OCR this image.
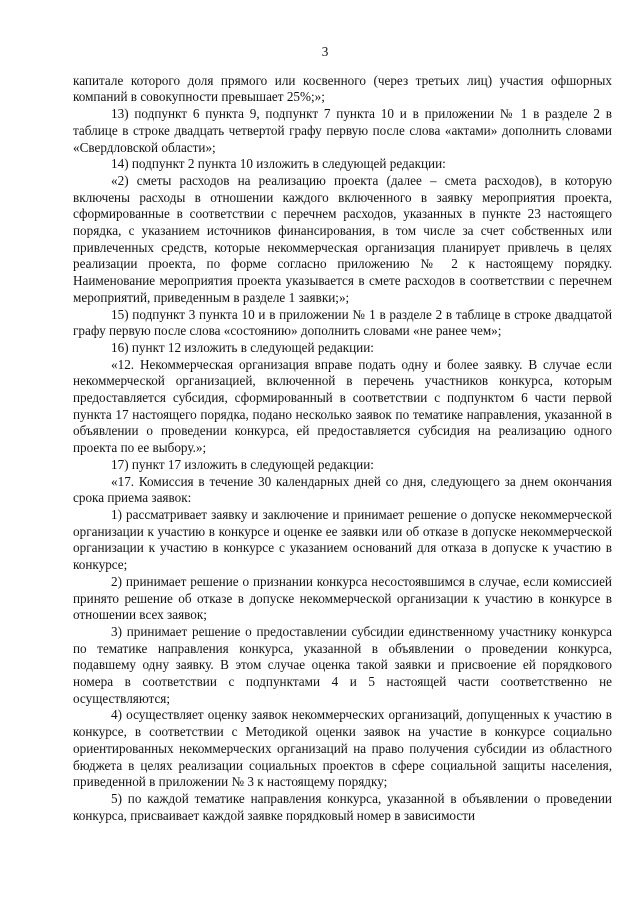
3

капитале которого доля прямого или косвенного (через третьих лиц) участия офшорных компаний в совокупности превышает 25%;»;

13) подпункт 6 пункта 9, подпункт 7 пункта 10 и в приложении № 1 в разделе 2 в таблице в строке двадцать четвертой графу первую после слова «актами» дополнить словами «Свердловской области»;

14) подпункт 2 пункта 10 изложить в следующей редакции:

«2) сметы расходов на реализацию проекта (далее – смета расходов), в которую включены расходы в отношении каждого включенного в заявку мероприятия проекта, сформированные в соответствии с перечнем расходов, указанных в пункте 23 настоящего порядка, с указанием источников финансирования, в том числе за счет собственных или привлеченных средств, которые некоммерческая организация планирует привлечь в целях реализации проекта, по форме согласно приложению № 2 к настоящему порядку. Наименование мероприятия проекта указывается в смете расходов в соответствии с перечнем мероприятий, приведенным в разделе 1 заявки;»;

15) подпункт 3 пункта 10 и в приложении № 1 в разделе 2 в таблице в строке двадцатой графу первую после слова «состоянию» дополнить словами «не ранее чем»;

16) пункт 12 изложить в следующей редакции:

«12. Некоммерческая организация вправе подать одну и более заявку. В случае если некоммерческой организацией, включенной в перечень участников конкурса, которым предоставляется субсидия, сформированный в соответствии с подпунктом 6 части первой пункта 17 настоящего порядка, подано несколько заявок по тематике направления, указанной в объявлении о проведении конкурса, ей предоставляется субсидия на реализацию одного проекта по ее выбору.»;

17) пункт 17 изложить в следующей редакции:

«17. Комиссия в течение 30 календарных дней со дня, следующего за днем окончания срока приема заявок:

1) рассматривает заявку и заключение и принимает решение о допуске некоммерческой организации к участию в конкурсе и оценке ее заявки или об отказе в допуске некоммерческой организации к участию в конкурсе с указанием оснований для отказа в допуске к участию в конкурсе;

2) принимает решение о признании конкурса несостоявшимся в случае, если комиссией принято решение об отказе в допуске некоммерческой организации к участию в конкурсе в отношении всех заявок;

3) принимает решение о предоставлении субсидии единственному участнику конкурса по тематике направления конкурса, указанной в объявлении о проведении конкурса, подавшему одну заявку. В этом случае оценка такой заявки и присвоение ей порядкового номера в соответствии с подпунктами 4 и 5 настоящей части соответственно не осуществляются;

4) осуществляет оценку заявок некоммерческих организаций, допущенных к участию в конкурсе, в соответствии с Методикой оценки заявок на участие в конкурсе социально ориентированных некоммерческих организаций на право получения субсидии из областного бюджета в целях реализации социальных проектов в сфере социальной защиты населения, приведенной в приложении № 3 к настоящему порядку;

5) по каждой тематике направления конкурса, указанной в объявлении о проведении конкурса, присваивает каждой заявке порядковый номер в зависимости
